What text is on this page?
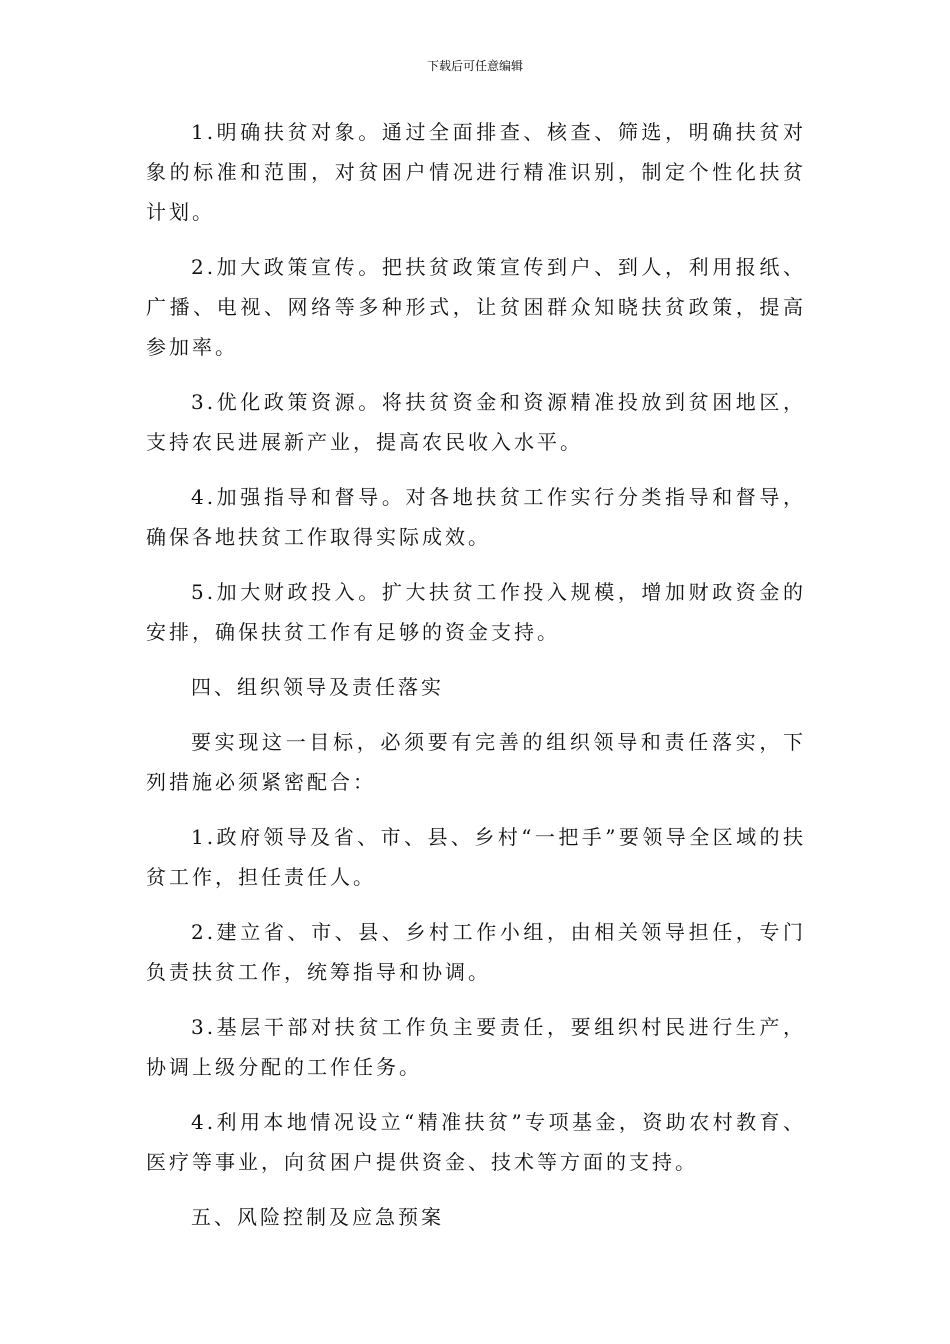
下载后可任意编辑

1.明确扶贫对象。通过全面排查、核查、筛选，明确扶贫对象的标准和范围，对贫困户情况进行精准识别，制定个性化扶贫计划。

2.加大政策宣传。把扶贫政策宣传到户、到人，利用报纸、广播、电视、网络等多种形式，让贫困群众知晓扶贫政策，提高参加率。

3.优化政策资源。将扶贫资金和资源精准投放到贫困地区，支持农民进展新产业，提高农民收入水平。

4.加强指导和督导。对各地扶贫工作实行分类指导和督导，确保各地扶贫工作取得实际成效。

5.加大财政投入。扩大扶贫工作投入规模，增加财政资金的安排，确保扶贫工作有足够的资金支持。

四、组织领导及责任落实

要实现这一目标，必须要有完善的组织领导和责任落实，下列措施必须紧密配合：

1.政府领导及省、市、县、乡村“一把手”要领导全区域的扶贫工作，担任责任人。

2.建立省、市、县、乡村工作小组，由相关领导担任，专门负责扶贫工作，统筹指导和协调。

3.基层干部对扶贫工作负主要责任，要组织村民进行生产，协调上级分配的工作任务。

4.利用本地情况设立“精准扶贫”专项基金，资助农村教育、医疗等事业，向贫困户提供资金、技术等方面的支持。

五、风险控制及应急预案
